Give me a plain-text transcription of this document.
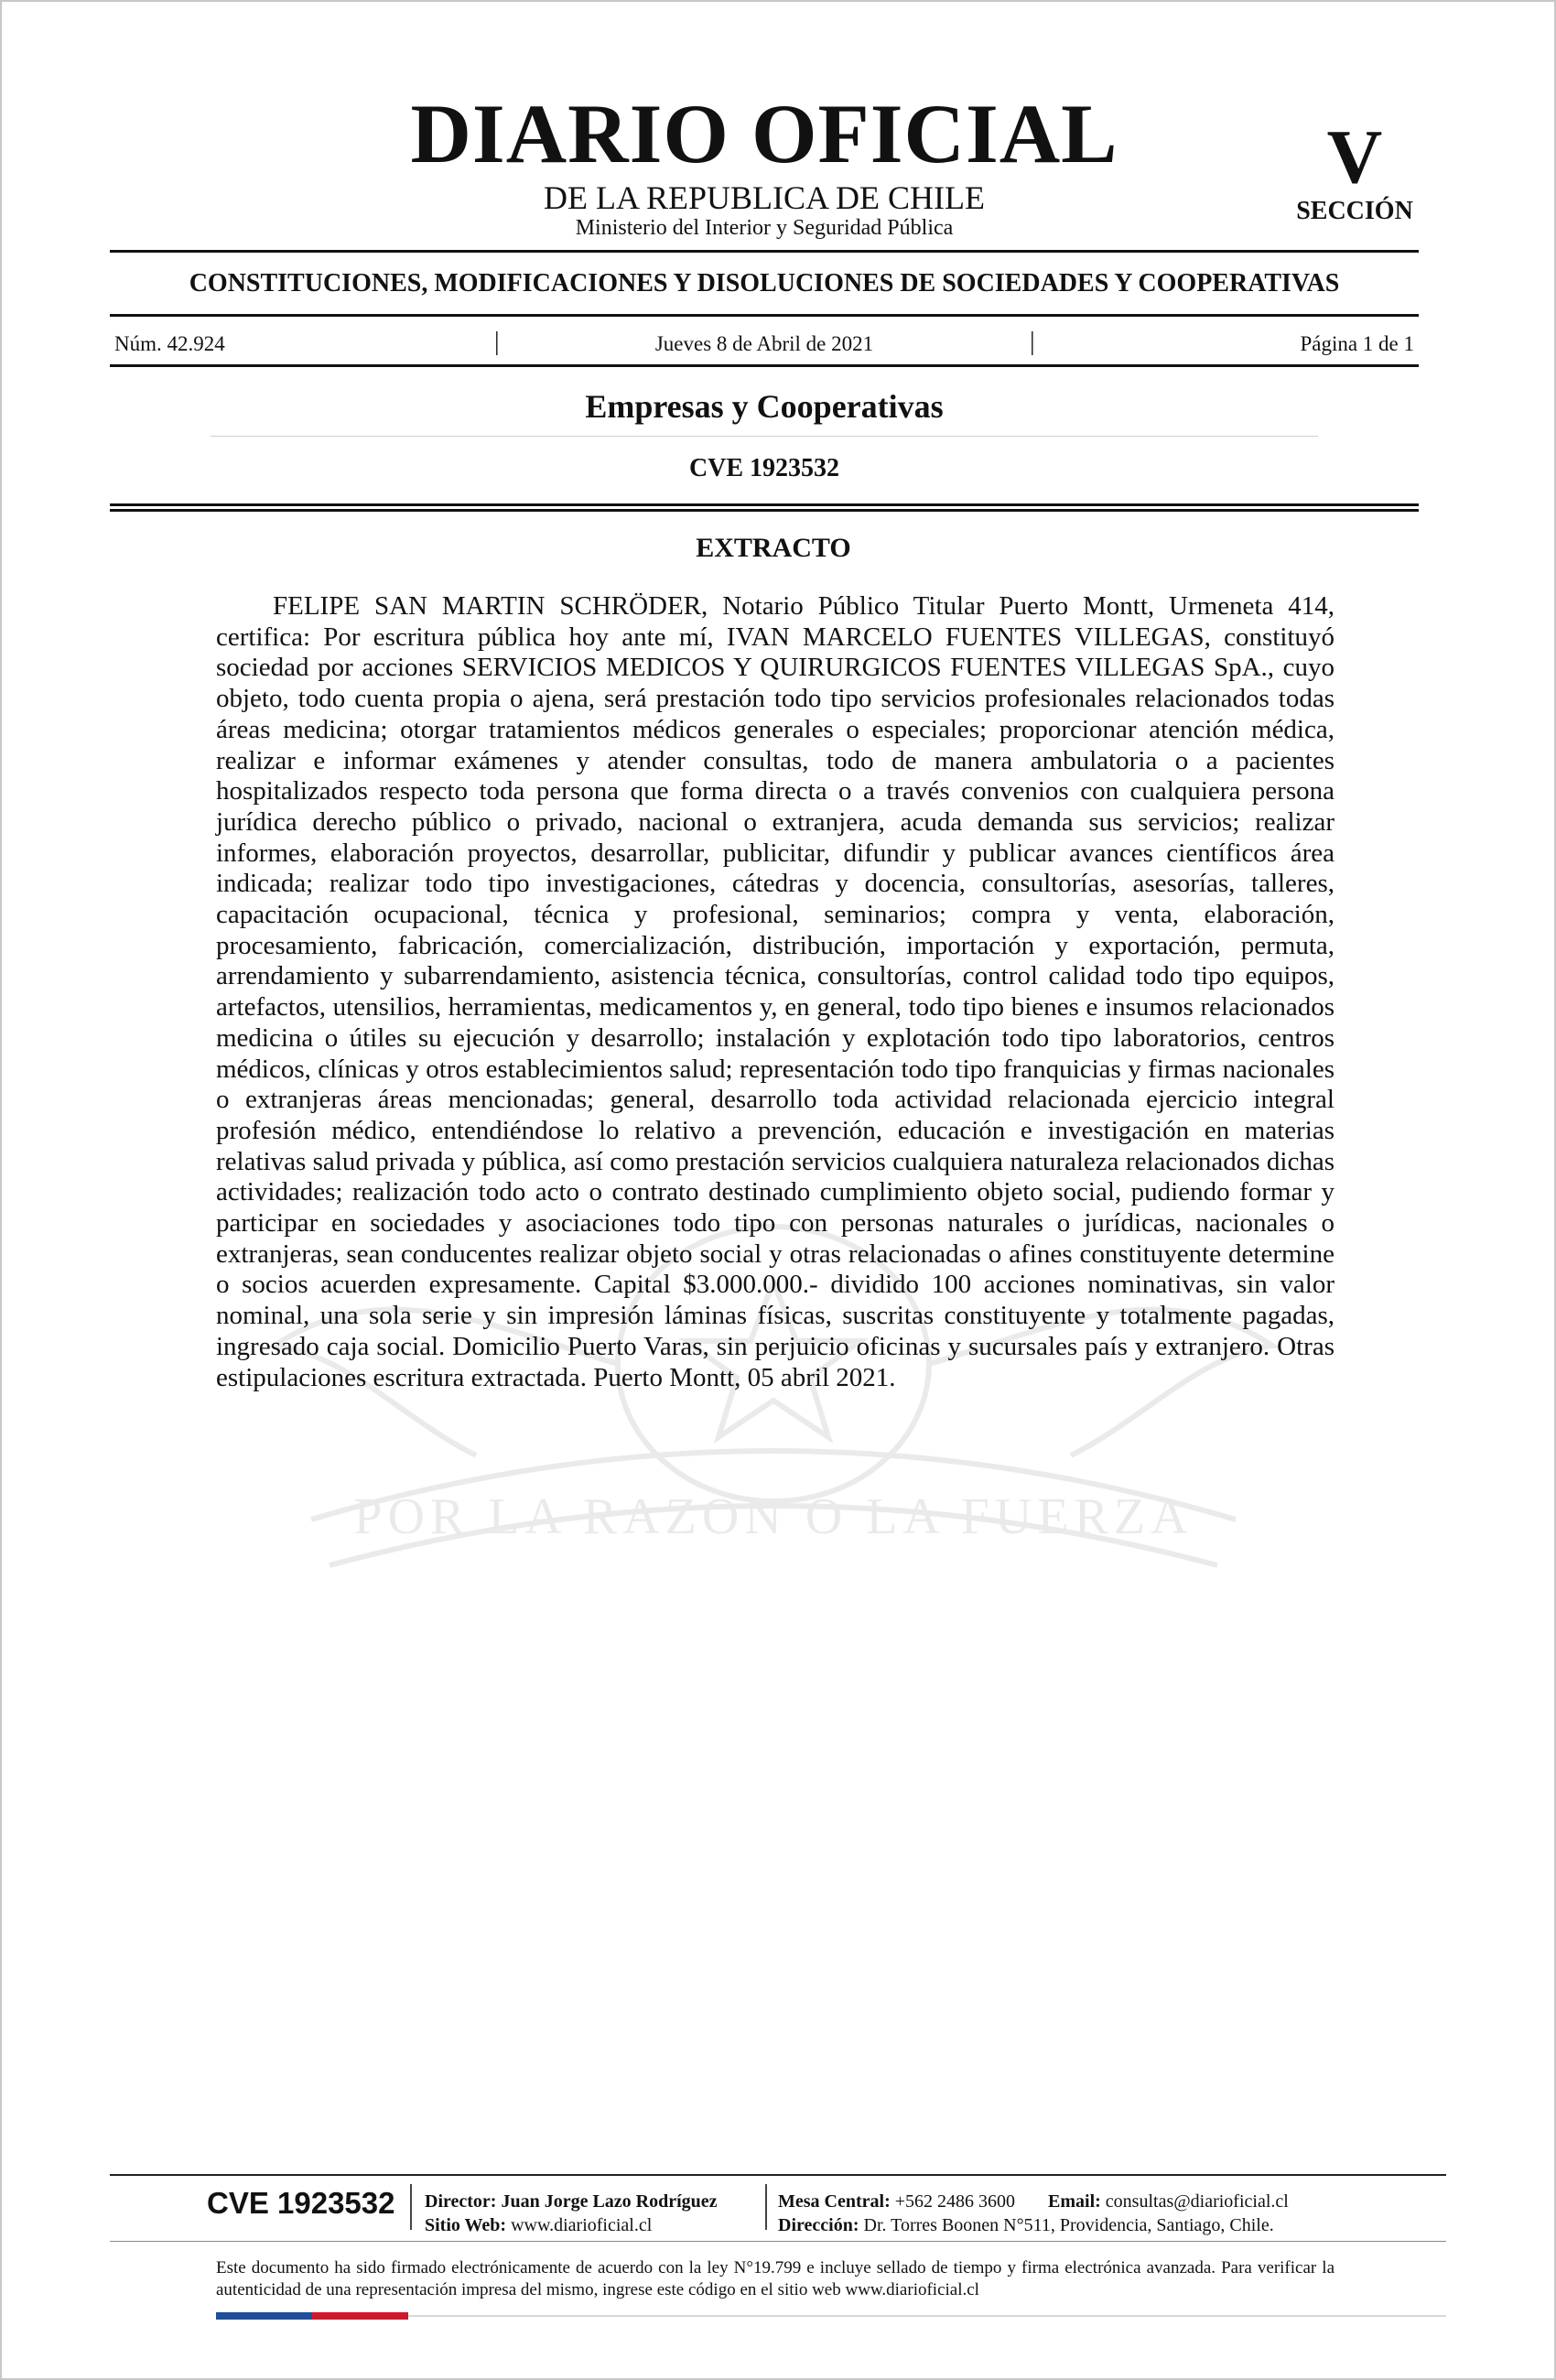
DIARIO OFICIAL
DE LA REPUBLICA DE CHILE
Ministerio del Interior y Seguridad Pública
V
SECCIÓN
CONSTITUCIONES, MODIFICACIONES Y DISOLUCIONES DE SOCIEDADES Y COOPERATIVAS
Núm. 42.924	|	Jueves 8 de Abril de 2021	|	Página 1 de 1
Empresas y Cooperativas
CVE 1923532
EXTRACTO

FELIPE SAN MARTIN SCHRÖDER, Notario Público Titular Puerto Montt, Urmeneta 414, certifica: Por escritura pública hoy ante mí, IVAN MARCELO FUENTES VILLEGAS, constituyó sociedad por acciones SERVICIOS MEDICOS Y QUIRURGICOS FUENTES VILLEGAS SpA., cuyo objeto, todo cuenta propia o ajena, será prestación todo tipo servicios profesionales relacionados todas áreas medicina; otorgar tratamientos médicos generales o especiales; proporcionar atención médica, realizar e informar exámenes y atender consultas, todo de manera ambulatoria o a pacientes hospitalizados respecto toda persona que forma directa o a través convenios con cualquiera persona jurídica derecho público o privado, nacional o extranjera, acuda demanda sus servicios; realizar informes, elaboración proyectos, desarrollar, publicitar, difundir y publicar avances científicos área indicada; realizar todo tipo investigaciones, cátedras y docencia, consultorías, asesorías, talleres, capacitación ocupacional, técnica y profesional, seminarios; compra y venta, elaboración, procesamiento, fabricación, comercialización, distribución, importación y exportación, permuta, arrendamiento y subarrendamiento, asistencia técnica, consultorías, control calidad todo tipo equipos, artefactos, utensilios, herramientas, medicamentos y, en general, todo tipo bienes e insumos relacionados medicina o útiles su ejecución y desarrollo; instalación y explotación todo tipo laboratorios, centros médicos, clínicas y otros establecimientos salud; representación todo tipo franquicias y firmas nacionales o extranjeras áreas mencionadas; general, desarrollo toda actividad relacionada ejercicio integral profesión médico, entendiéndose lo relativo a prevención, educación e investigación en materias relativas salud privada y pública, así como prestación servicios cualquiera naturaleza relacionados dichas actividades; realización todo acto o contrato destinado cumplimiento objeto social, pudiendo formar y participar en sociedades y asociaciones todo tipo con personas naturales o jurídicas, nacionales o extranjeras, sean conducentes realizar objeto social y otras relacionadas o afines constituyente determine o socios acuerden expresamente. Capital $3.000.000.- dividido 100 acciones nominativas, sin valor nominal, una sola serie y sin impresión láminas físicas, suscritas constituyente y totalmente pagadas, ingresado caja social. Domicilio Puerto Varas, sin perjuicio oficinas y sucursales país y extranjero. Otras estipulaciones escritura extractada. Puerto Montt, 05 abril 2021.

POR LA RAZON O LA FUERZA
CVE 1923532 Director: Juan Jorge Lazo Rodríguez
Sitio Web: www.diarioficial.cl
Mesa Central: +562 2486 3600 Email: consultas@diarioficial.cl
Dirección: Dr. Torres Boonen N°511, Providencia, Santiago, Chile.

Este documento ha sido firmado electrónicamente de acuerdo con la ley N°19.799 e incluye sellado de tiempo y firma electrónica avanzada. Para verificar la autenticidad de una representación impresa del mismo, ingrese este código en el sitio web www.diarioficial.cl
